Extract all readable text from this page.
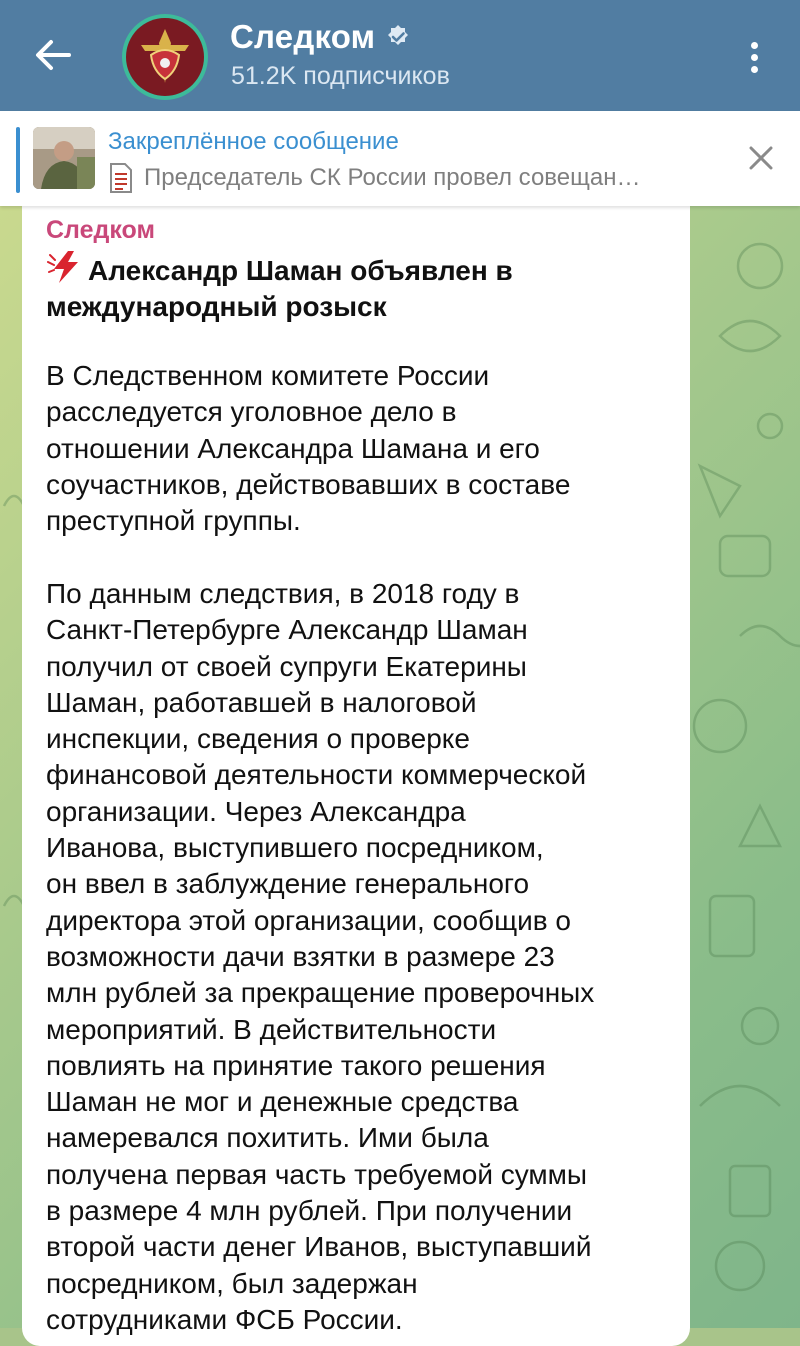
Следком
51.2K подписчиков
Закреплённое сообщение
Председатель СК России провел совещан…
Следком
Александр Шаман объявлен в
международный розыск
В Следственном комитете России
расследуется уголовное дело в
отношении Александра Шамана и его
соучастников, действовавших в составе
преступной группы.
По данным следствия, в 2018 году в
Санкт-Петербурге Александр Шаман
получил от своей супруги Екатерины
Шаман, работавшей в налоговой
инспекции, сведения о проверке
финансовой деятельности коммерческой
организации. Через Александра
Иванова, выступившего посредником,
он ввел в заблуждение генерального
директора этой организации, сообщив о
возможности дачи взятки в размере 23
млн рублей за прекращение проверочных
мероприятий. В действительности
повлиять на принятие такого решения
Шаман не мог и денежные средства
намеревался похитить. Ими была
получена первая часть требуемой суммы
в размере 4 млн рублей. При получении
второй части денег Иванов, выступавший
посредником, был задержан
сотрудниками ФСБ России.
